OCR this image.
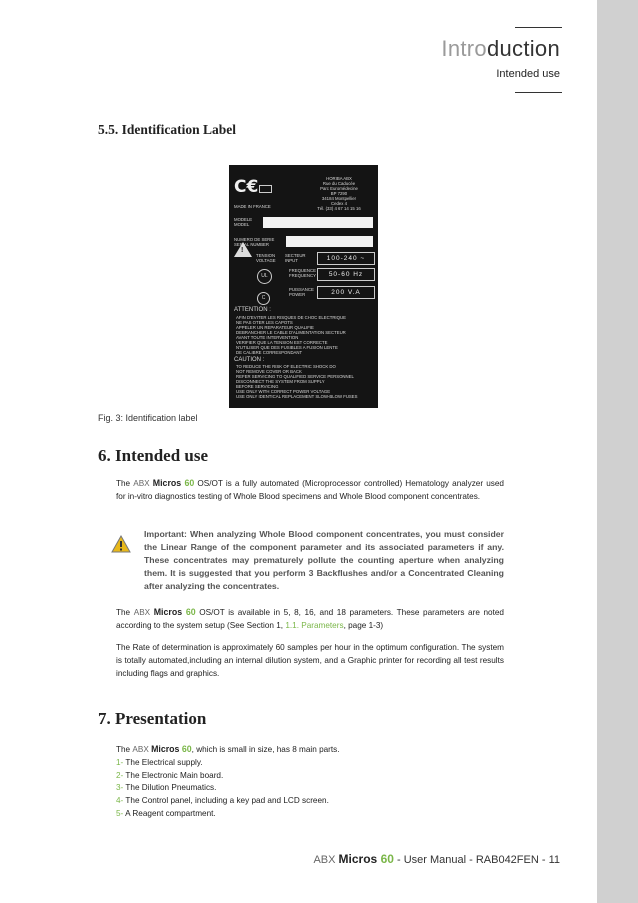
Introduction
Intended use
5.5. Identification Label
C€	HORIBA ABX
Rue du Caducée
Parc Euromédecine
BP 7290
34184 Montpellier
Cedex 4
Tél. (33) 4 67 14 15 16
MADE IN FRANCE
MODELE
MODEL
NUMERO DE SERIE
SERIAL NUMBER
!
TENSION
VOLTAGE
SECTEUR
INPUT	100-240 ~
UL
FREQUENCE
FREQUENCY	50-60 Hz
C
PUISSANCE
POWER	200 V.A
ATTENTION :
AFIN D'EVITER LES RISQUES DE CHOC ELECTRIQUE
NE PAS OTER LES CAPOTS
APPELER UN REPARATEUR QUALIFIE
DEBRANCHER LE CABLE D'ALIMENTATION SECTEUR
AVANT TOUTE INTERVENTION
VERIFIER QUE LA TENSION EST CORRECTE
N'UTILISER QUE DES FUSIBLES A FUSION LENTE
DE CALIBRE CORRESPONDANT
CAUTION :
TO REDUCE THE RISK OF ELECTRIC SHOCK DO
NOT REMOVE COVER OR BACK
REFER SERVICING TO QUALIFIED SERVICE PERSONNEL
DISCONNECT THE SYSTEM FROM SUPPLY
BEFORE SERVICING
USE ONLY WITH CORRECT POWER VOLTAGE
USE ONLY IDENTICAL REPLACEMENT SLOW-BLOW FUSES
Fig. 3: Identification label
6. Intended use
The ABX Micros 60 OS/OT is a fully automated (Microprocessor controlled) Hematology analyzer used for in-vitro diagnostics testing of Whole Blood specimens and Whole Blood component concentrates.
Important: When analyzing Whole Blood component concentrates, you must consider the Linear Range of the component parameter and its associated parameters if any. These concentrates may prematurely pollute the counting aperture when analyzing them. It is suggested that you perform 3 Backflushes and/or a Concentrated Cleaning after analyzing the concentrates.
The ABX Micros 60 OS/OT is available in 5, 8, 16, and 18 parameters. These parameters are noted according to the system setup (See Section 1, 1.1. Parameters, page 1-3)
The Rate of determination is approximately 60 samples per hour in the optimum configuration. The system is totally automated,including an internal dilution system, and a Graphic printer for recording all test results including flags and graphics.
7. Presentation
The ABX Micros 60, which is small in size, has 8 main parts.
1- The Electrical supply.
2- The Electronic Main board.
3- The Dilution Pneumatics.
4- The Control panel, including a key pad and LCD screen.
5- A Reagent compartment.
ABX Micros 60 - User Manual - RAB042FEN - 11
